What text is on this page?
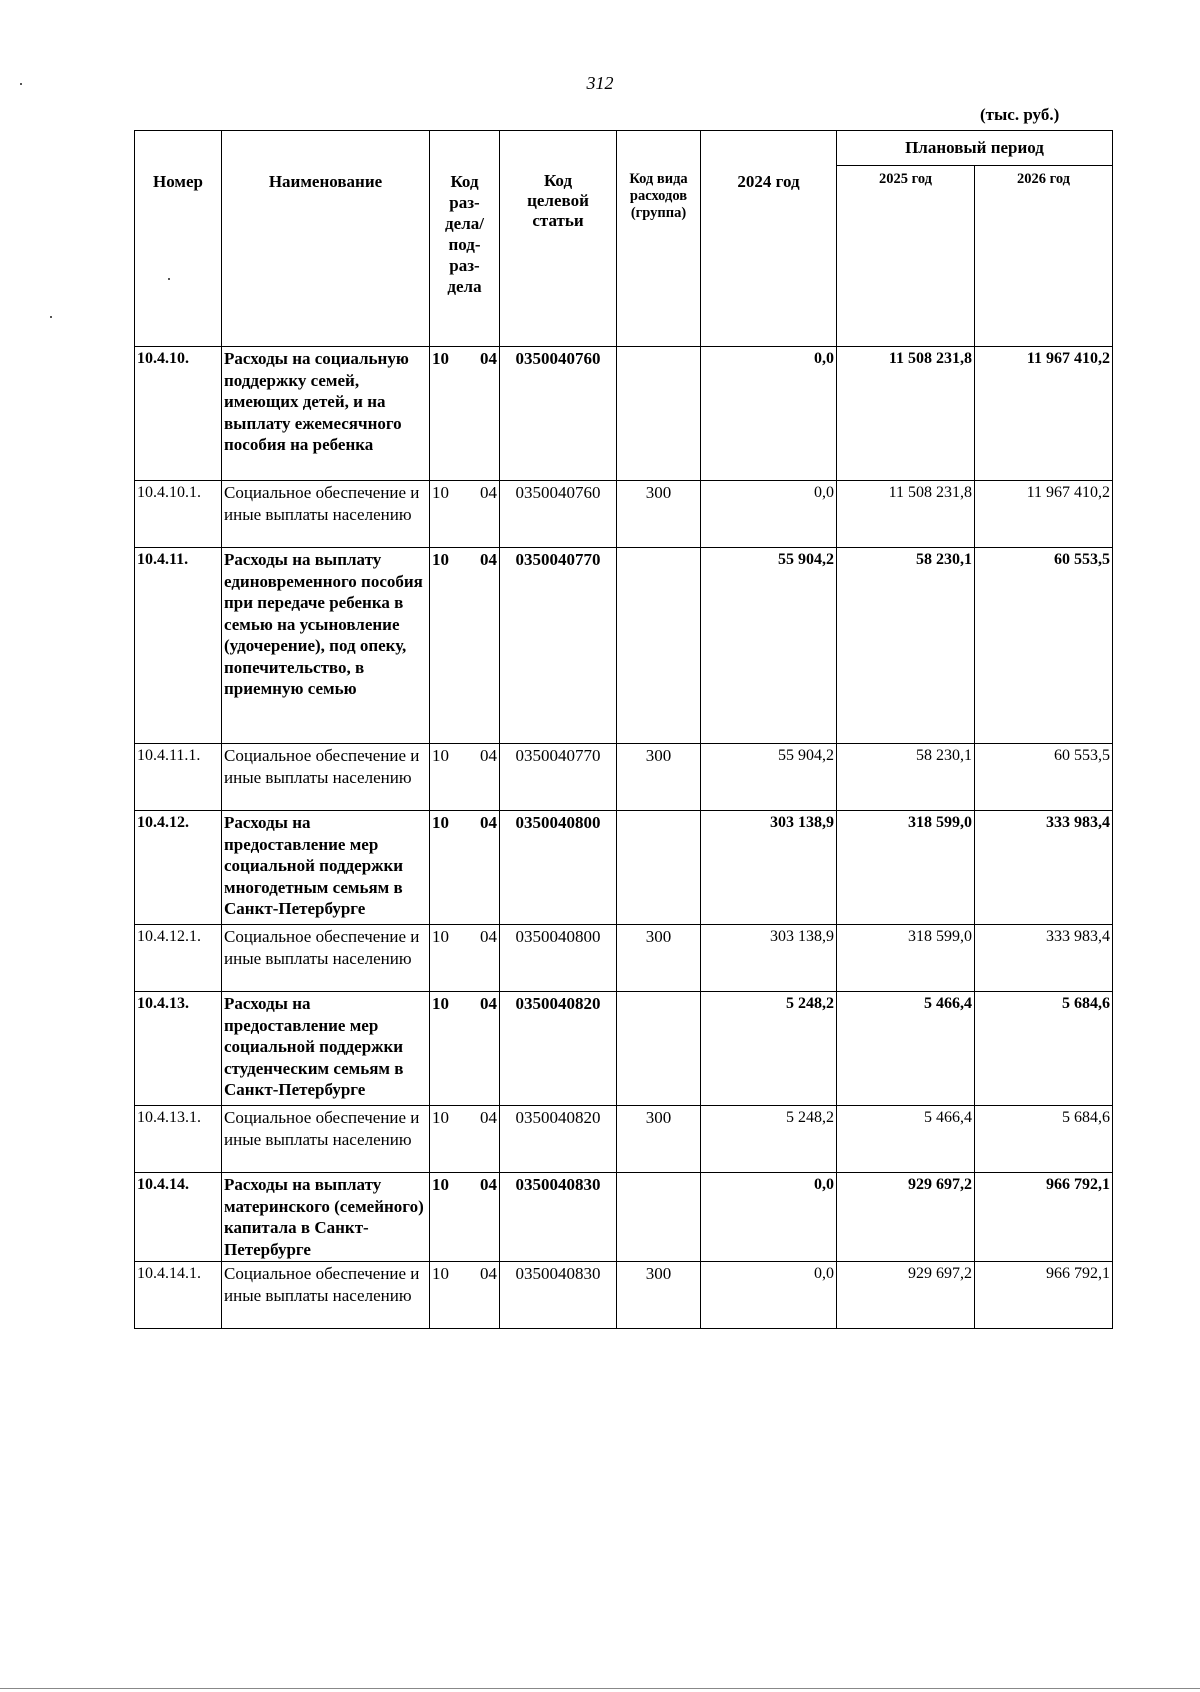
312
(тыс. руб.)
Номер	Наименование	Код раз-дела/ под-раз-дела	Код целевой статьи	Код вида расходов (группа)	2024 год	Плановый период	
						2025 год	2026 год
10.4.10.	Расходы на социальную поддержку семей, имеющих детей, и на выплату ежемесячного пособия на ребенка	10 04	0350040760		0,0	11 508 231,8	11 967 410,2
10.4.10.1.	Социальное обеспечение и иные выплаты населению	10 04	0350040760	300	0,0	11 508 231,8	11 967 410,2
10.4.11.	Расходы на выплату единовременного пособия при передаче ребенка в семью на усыновление (удочерение), под опеку, попечительство, в приемную семью	10 04	0350040770		55 904,2	58 230,1	60 553,5
10.4.11.1.	Социальное обеспечение и иные выплаты населению	10 04	0350040770	300	55 904,2	58 230,1	60 553,5
10.4.12.	Расходы на предоставление мер социальной поддержки многодетным семьям в Санкт-Петербурге	10 04	0350040800		303 138,9	318 599,0	333 983,4
10.4.12.1.	Социальное обеспечение и иные выплаты населению	10 04	0350040800	300	303 138,9	318 599,0	333 983,4
10.4.13.	Расходы на предоставление мер социальной поддержки студенческим семьям в Санкт-Петербурге	10 04	0350040820		5 248,2	5 466,4	5 684,6
10.4.13.1.	Социальное обеспечение и иные выплаты населению	10 04	0350040820	300	5 248,2	5 466,4	5 684,6
10.4.14.	Расходы на выплату материнского (семейного) капитала в Санкт-Петербурге	10 04	0350040830		0,0	929 697,2	966 792,1
10.4.14.1.	Социальное обеспечение и иные выплаты населению	10 04	0350040830	300	0,0	929 697,2	966 792,1
